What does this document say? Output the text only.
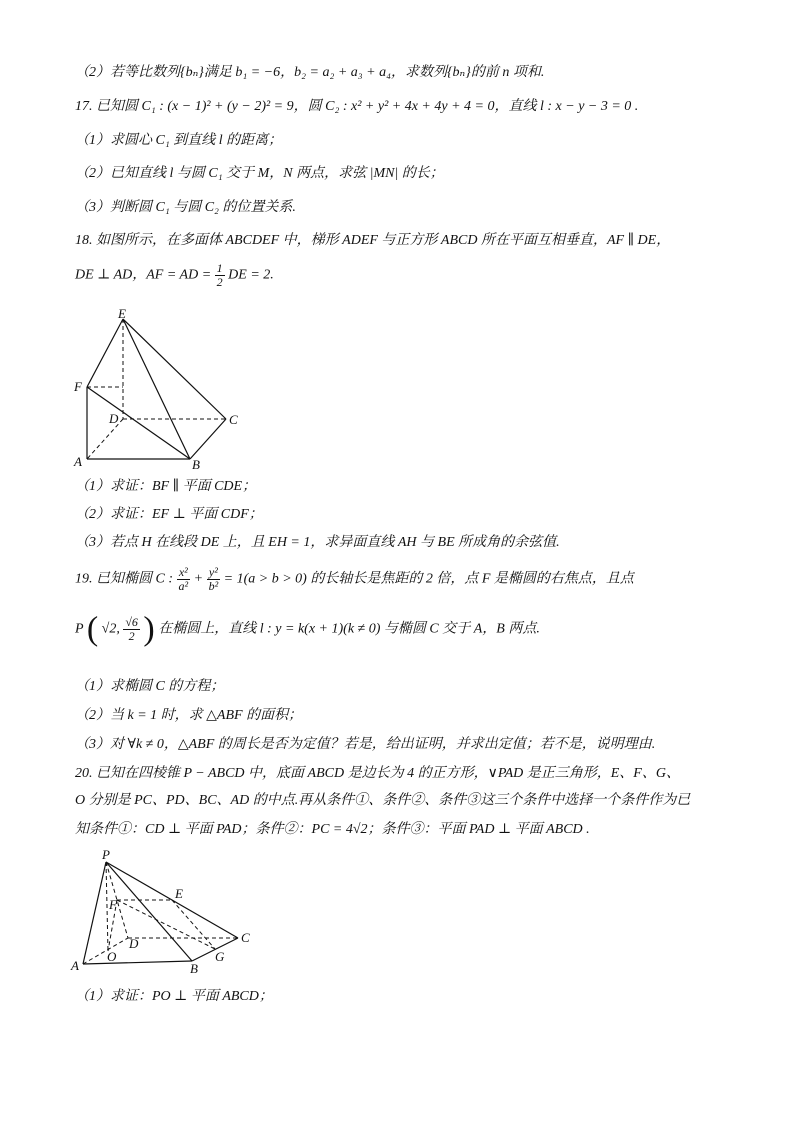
（2）若等比数列{bₙ}满足 b₁ = −6，b₂ = a₂ + a₃ + a₄，求数列{bₙ}的前 n 项和.
17. 已知圆 C₁ : (x − 1)² + (y − 2)² = 9，圆 C₂ : x² + y² + 4x + 4y + 4 = 0，直线 l : x − y − 3 = 0 .
（1）求圆心 C₁ 到直线 l 的距离；
（2）已知直线 l 与圆 C₁ 交于 M，N 两点，求弦 |MN| 的长；
（3）判断圆 C₁ 与圆 C₂ 的位置关系.
18. 如图所示，在多面体 ABCDEF 中，梯形 ADEF 与正方形 ABCD 所在平面互相垂直，AF ∥ DE，
DE ⊥ AD，AF = AD = $\frac{1}{2}$ DE = 2.
E
F
D	C
A	B
（1）求证：BF ∥ 平面 CDE；
（2）求证：EF ⊥ 平面 CDF；
（3）若点 H 在线段 DE 上，且 EH = 1，求异面直线 AH 与 BE 所成角的余弦值.
19. 已知椭圆 C : $\frac{\text{x²}}{\text{a²}} + \frac{\text{y²}}{\text{b²}} = 1(a > b > 0)$ 的长轴长是焦距的 2 倍，点 F 是椭圆的右焦点，且点
P ( √2, $\frac{√6}{2}$ ) 在椭圆上，直线 l : y = k(x + 1)(k ≠ 0) 与椭圆 C 交于 A，B 两点.
（1）求椭圆 C 的方程；
（2）当 k = 1 时，求 △ABF 的面积；
（3）对 ∀k ≠ 0，△ABF 的周长是否为定值？若是，给出证明，并求出定值；若不是，说明理由.
20. 已知在四棱锥 P − ABCD 中，底面 ABCD 是边长为 4 的正方形，∨PAD 是正三角形，E、F、G、
O 分别是 PC、PD、BC、AD 的中点.再从条件①、条件②、条件③这三个条件中选择一个条件作为已
知条件①：CD ⊥ 平面 PAD；条件②：PC = 4√2；条件③：平面 PAD ⊥ 平面 ABCD .
P
E
F
D	C
O
A	B
G
（1）求证：PO ⊥ 平面 ABCD；
